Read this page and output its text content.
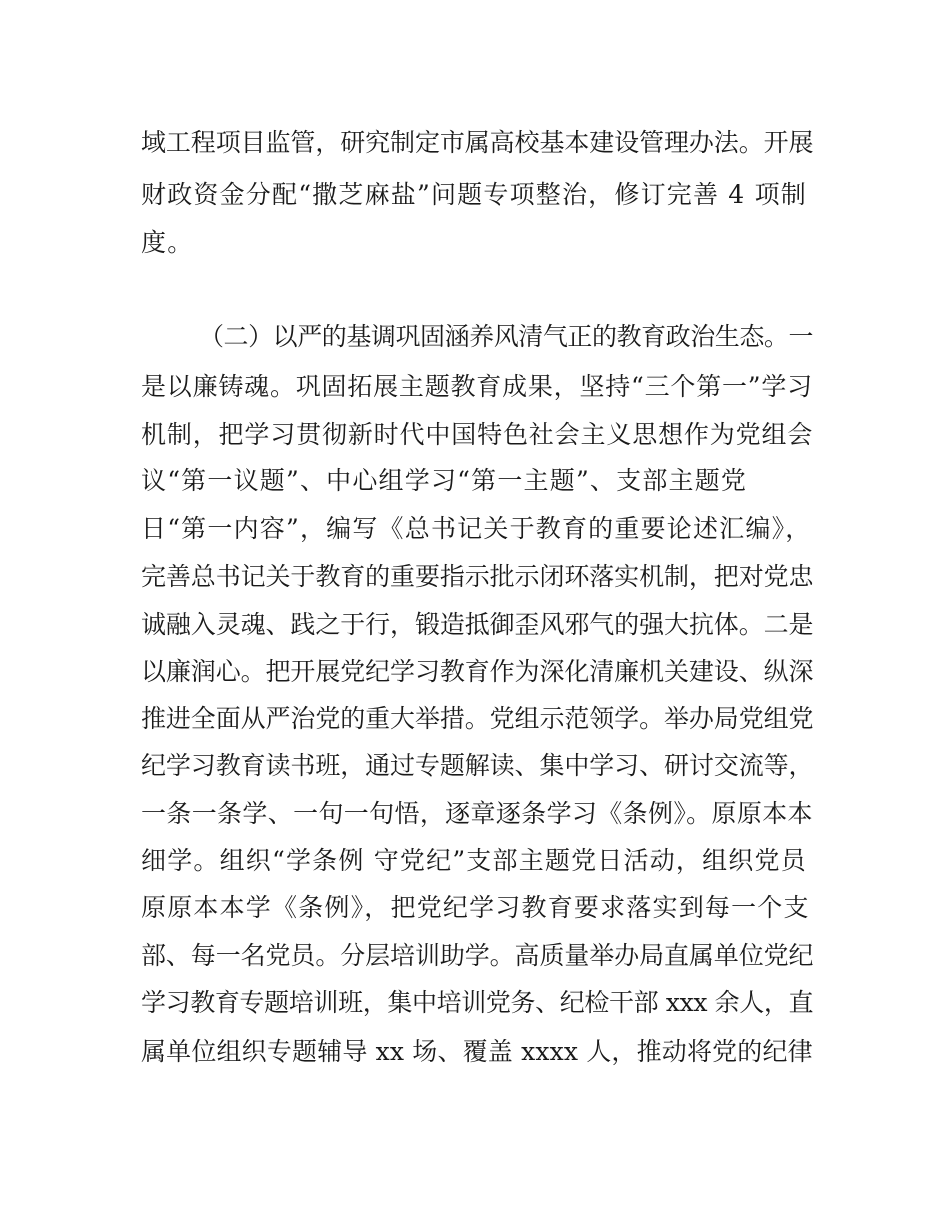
域工程项目监管，研究制定市属高校基本建设管理办法。开展
财政资金分配“撒芝麻盐”问题专项整治，修订完善 4 项制
度。
（二）以严的基调巩固涵养风清气正的教育政治生态。一
是以廉铸魂。巩固拓展主题教育成果，坚持“三个第一”学习
机制，把学习贯彻新时代中国特色社会主义思想作为党组会
议“第一议题”、中心组学习“第一主题”、支部主题党
日“第一内容”，编写《总书记关于教育的重要论述汇编》，
完善总书记关于教育的重要指示批示闭环落实机制，把对党忠
诚融入灵魂、践之于行，锻造抵御歪风邪气的强大抗体。二是
以廉润心。把开展党纪学习教育作为深化清廉机关建设、纵深
推进全面从严治党的重大举措。党组示范领学。举办局党组党
纪学习教育读书班，通过专题解读、集中学习、研讨交流等，
一条一条学、一句一句悟，逐章逐条学习《条例》。原原本本
细学。组织“学条例 守党纪”支部主题党日活动，组织党员
原原本本学《条例》，把党纪学习教育要求落实到每一个支
部、每一名党员。分层培训助学。高质量举办局直属单位党纪
学习教育专题培训班，集中培训党务、纪检干部 xxx 余人，直
属单位组织专题辅导 xx 场、覆盖 xxxx 人，推动将党的纪律
